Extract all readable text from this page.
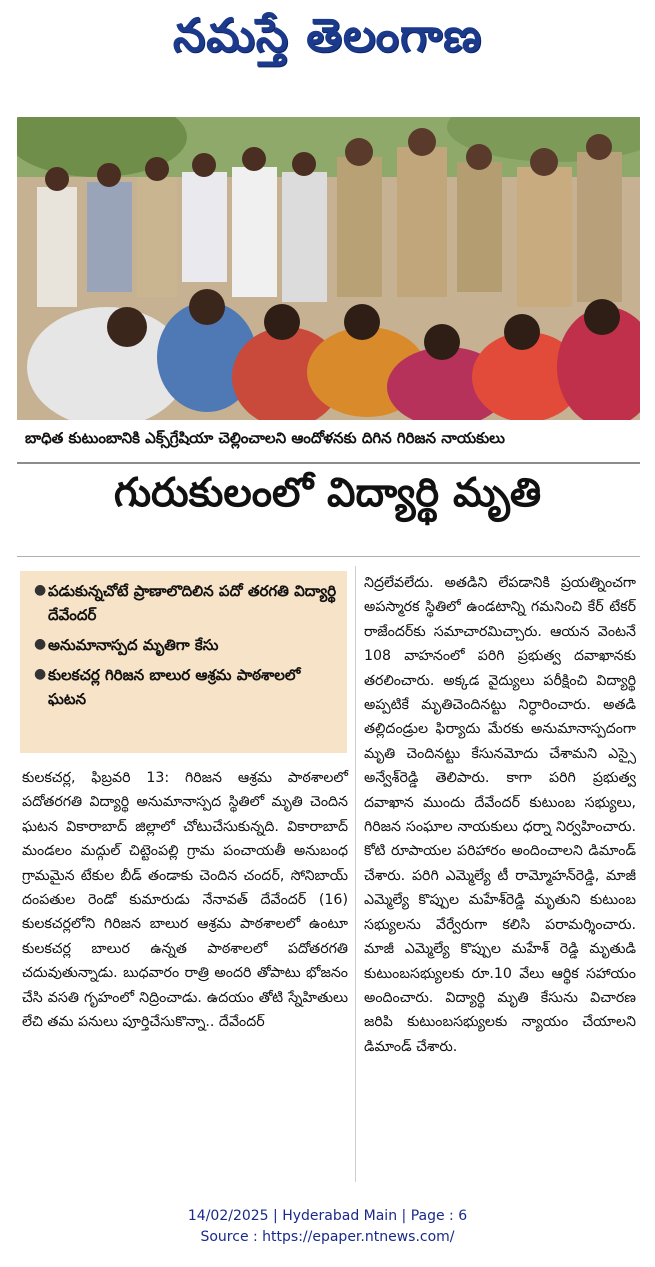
నమస్తే తెలంగాణ
బాధిత కుటుంబానికి ఎక్స్‌గ్రేషియా చెల్లించాలని ఆందోళనకు దిగిన గిరిజన నాయకులు
గురుకులంలో విద్యార్థి మృతి
● పడుకున్నచోటే ప్రాణాలొదిలిన పదో తరగతి విద్యార్థి దేవేందర్
● అనుమానాస్పద మృతిగా కేసు
● కులకచర్ల గిరిజన బాలుర ఆశ్రమ పాఠశాలలో ఘటన

కులకచర్ల, ఫిబ్రవరి 13: గిరిజన ఆశ్రమ పాఠశాలలో పదోతరగతి విద్యార్థి అనుమానాస్పద స్థితిలో మృతి చెందిన ఘటన వికారాబాద్ జిల్లాలో చోటుచేసుకున్నది. వికారాబాద్ మండలం మద్గుల్ చిట్టెంపల్లి గ్రామ పంచాయతీ అనుబంధ గ్రామమైన టేకుల బీడ్ తండాకు చెందిన చందర్, సోనిబాయ్ దంపతుల రెండో కుమారుడు నేనావత్ దేవేందర్ (16) కులకచర్లలోని గిరిజన బాలుర ఆశ్రమ పాఠశాలలో ఉంటూ కులకచర్ల బాలుర ఉన్నత పాఠశాలలో పదోతరగతి చదువుతున్నాడు. బుధవారం రాత్రి అందరి తోపాటు భోజనం చేసి వసతి గృహంలో నిద్రించాడు. ఉదయం తోటి స్నేహితులు లేచి తమ పనులు పూర్తిచేసుకొన్నా.. దేవేందర్

నిద్రలేవలేదు. అతడిని లేపడానికి ప్రయత్నించగా అపస్మారక స్థితిలో ఉండటాన్ని గమనించి కేర్ టేకర్ రాజేందర్‌కు సమాచారమిచ్చారు. ఆయన వెంటనే 108 వాహనంలో పరిగి ప్రభుత్వ దవాఖానకు తరలించారు. అక్కడ వైద్యులు పరీక్షించి విద్యార్థి అప్పటికే మృతిచెందినట్టు నిర్ధారించారు. అతడి తల్లిదండ్రుల ఫిర్యాదు మేరకు అనుమానాస్పదంగా మృతి చెందినట్టు కేసునమోదు చేశామని ఎస్సై అన్వేశ్‌రెడ్డి తెలిపారు. కాగా పరిగి ప్రభుత్వ దవాఖాన ముందు దేవేందర్ కుటుంబ సభ్యులు, గిరిజన సంఘాల నాయకులు ధర్నా నిర్వహించారు. కోటి రూపాయల పరిహారం అందించాలని డిమాండ్ చేశారు. పరిగి ఎమ్మెల్యే టీ రామ్మోహన్‌రెడ్డి, మాజీ ఎమ్మెల్యే కొప్పుల మహేశ్‌రెడ్డి మృతుని కుటుంబ సభ్యులను వేర్వేరుగా కలిసి పరామర్శించారు. మాజీ ఎమ్మెల్యే కొప్పుల మహేశ్ రెడ్డి మృతుడి కుటుంబసభ్యులకు రూ.10 వేలు ఆర్థిక సహాయం అందించారు. విద్యార్థి మృతి కేసును విచారణ జరిపి కుటుంబసభ్యులకు న్యాయం చేయాలని డిమాండ్ చేశారు.

14/02/2025 | Hyderabad Main | Page : 6
Source : https://epaper.ntnews.com/
